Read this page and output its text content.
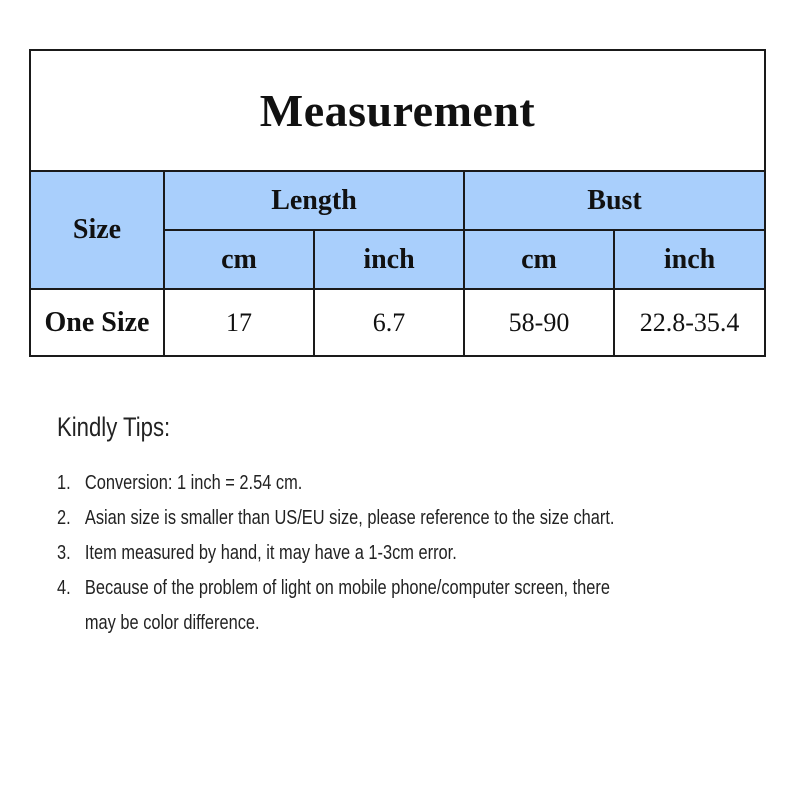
Measurement				
Size	Length		Bust	
	cm	inch	cm	inch
One Size	17	6.7	58-90	22.8-35.4
Kindly Tips:
1. Conversion: 1 inch = 2.54 cm.
2. Asian size is smaller than US/EU size, please reference to the size chart.
3. Item measured by hand, it may have a 1-3cm error.
4. Because of the problem of light on mobile phone/computer screen, there may be color difference.
